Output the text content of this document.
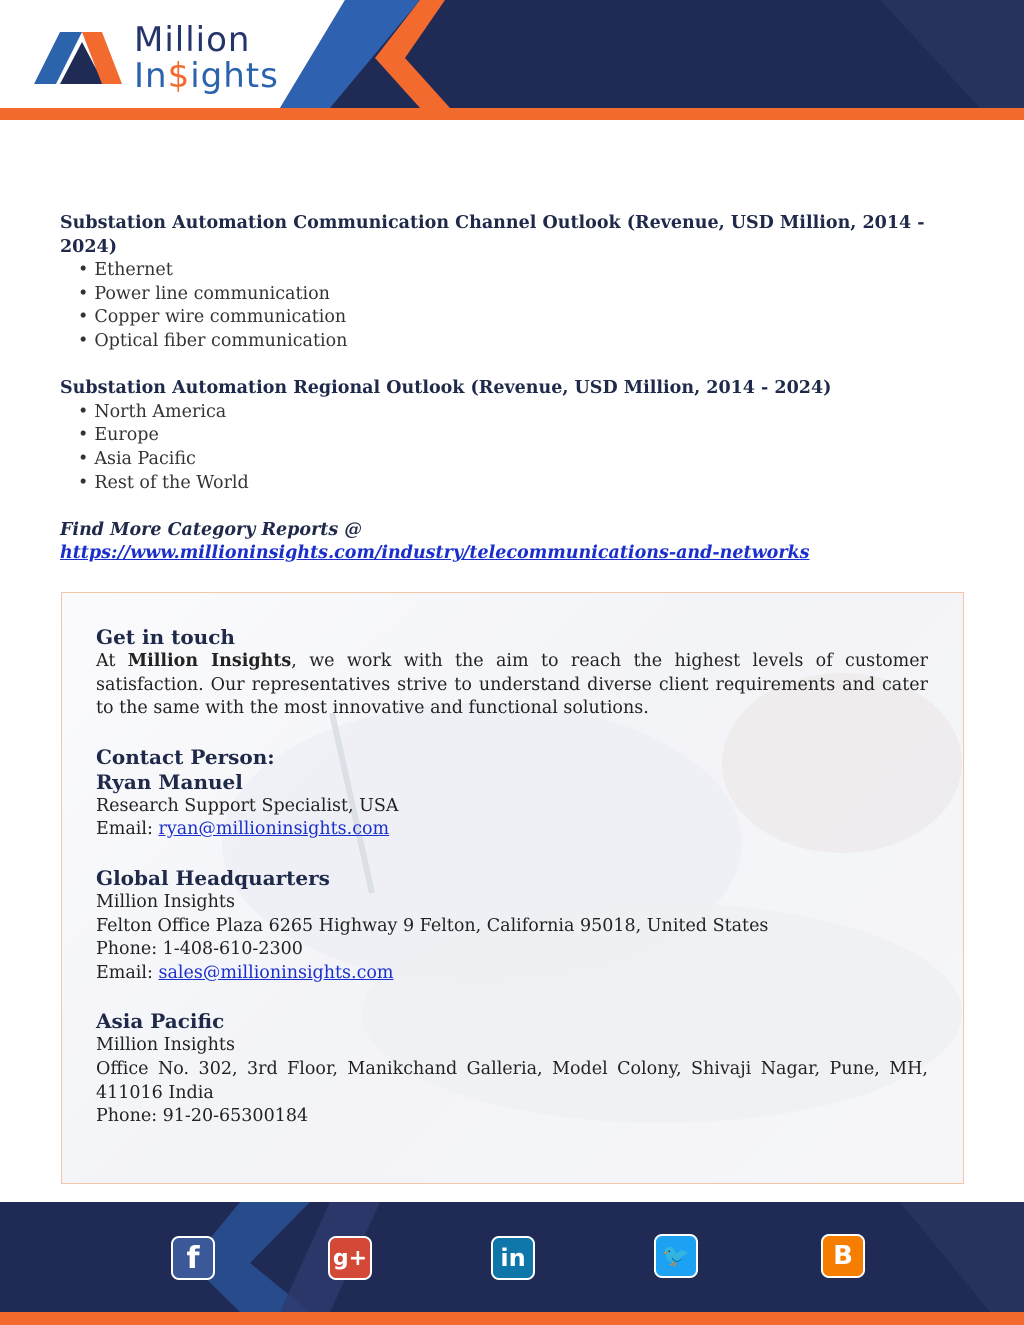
Million
In$ights
Substation Automation Communication Channel Outlook (Revenue, USD Million, 2014 - 2024)
• Ethernet
• Power line communication
• Copper wire communication
• Optical fiber communication
Substation Automation Regional Outlook (Revenue, USD Million, 2014 - 2024)
• North America
• Europe
• Asia Pacific
• Rest of the World
Find More Category Reports @ https://www.millioninsights.com/industry/telecommunications-and-networks
Get in touch
At Million Insights, we work with the aim to reach the highest levels of customer satisfaction. Our representatives strive to understand diverse client requirements and cater to the same with the most innovative and functional solutions.
Contact Person:
Ryan Manuel
Research Support Specialist, USA
Email: ryan@millioninsights.com
Global Headquarters
Million Insights
Felton Office Plaza 6265 Highway 9 Felton, California 95018, United States
Phone: 1-408-610-2300
Email: sales@millioninsights.com
Asia Pacific
Million Insights
Office No. 302, 3rd Floor, Manikchand Galleria, Model Colony, Shivaji Nagar, Pune, MH, 411016 India
Phone: 91-20-65300184
f	g+	in	🐦	B
